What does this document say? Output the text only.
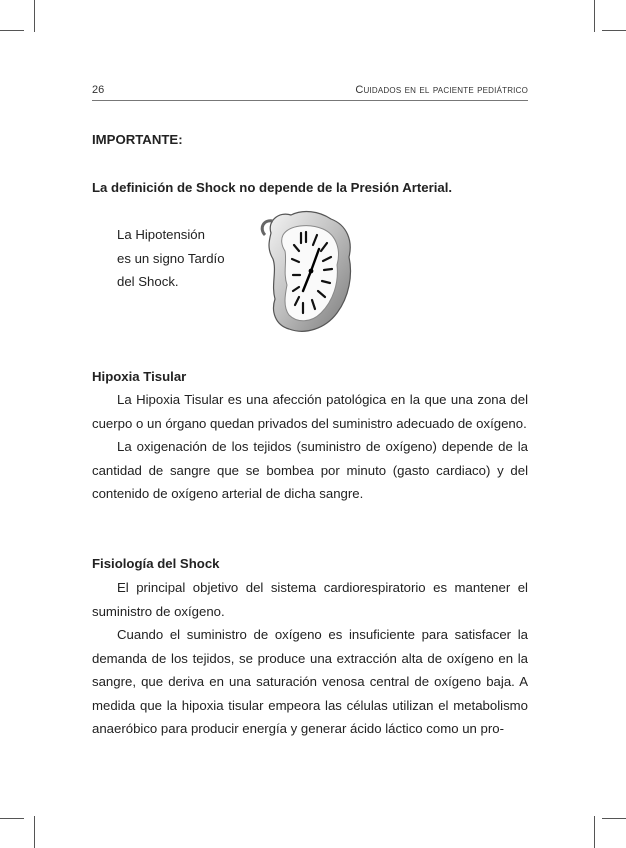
26	Cuidados en el paciente pediátrico
IMPORTANTE:
La definición de Shock no depende de la Presión Arterial.
La Hipotensión
es un signo Tardío
del Shock.
Hipoxia Tisular

La Hipoxia Tisular es una afección patológica en la que una zona del cuerpo o un órgano quedan privados del suministro adecuado de oxígeno.

La oxigenación de los tejidos (suministro de oxígeno) depende de la cantidad de sangre que se bombea por minuto (gasto cardiaco) y del contenido de oxígeno arterial de dicha sangre.

Fisiología del Shock

El principal objetivo del sistema cardiorespiratorio es mantener el suministro de oxígeno.

Cuando el suministro de oxígeno es insuficiente para satisfacer la demanda de los tejidos, se produce una extracción alta de oxígeno en la sangre, que deriva en una saturación venosa central de oxígeno baja. A medida que la hipoxia tisular empeora las células utilizan el metabolismo anaeróbico para producir energía y generar ácido láctico como un pro-
